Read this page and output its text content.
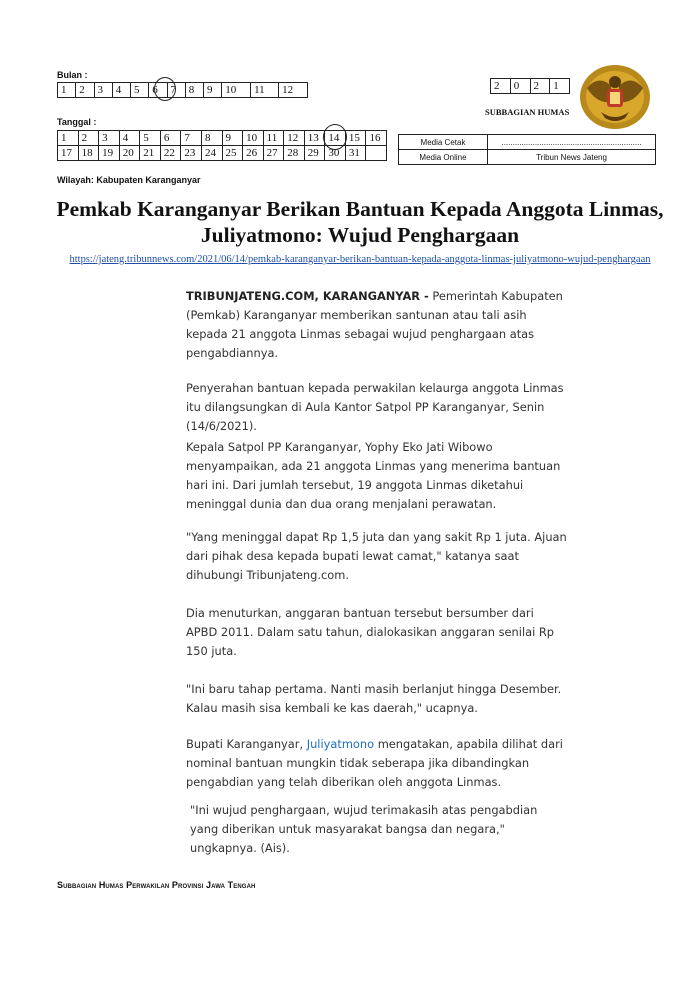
Bulan :
1	2	3	4	5	6	7	8	9	10	11	12
Tanggal :
1	2	3	4	5	6	7	8	9	10	11	12	13	14	15	16
17	18	19	20	21	22	23	24	25	26	27	28	29	30	31	
2	0	2	1
SUBBAGIAN HUMAS
Media Cetak	...............................................................
Media Online	Tribun News Jateng
Wilayah: Kabupaten Karanganyar
Pemkab Karanganyar Berikan Bantuan Kepada Anggota Linmas, Juliyatmono: Wujud Penghargaan
https://jateng.tribunnews.com/2021/06/14/pemkab-karanganyar-berikan-bantuan-kepada-anggota-linmas-juliyatmono-wujud-penghargaan
TRIBUNJATENG.COM, KARANGANYAR - Pemerintah Kabupaten (Pemkab) Karanganyar memberikan santunan atau tali asih kepada 21 anggota Linmas sebagai wujud penghargaan atas pengabdiannya.
Penyerahan bantuan kepada perwakilan kelaurga anggota Linmas itu dilangsungkan di Aula Kantor Satpol PP Karanganyar, Senin (14/6/2021).
Kepala Satpol PP Karanganyar, Yophy Eko Jati Wibowo menyampaikan, ada 21 anggota Linmas yang menerima bantuan hari ini. Dari jumlah tersebut, 19 anggota Linmas diketahui meninggal dunia dan dua orang menjalani perawatan.
"Yang meninggal dapat Rp 1,5 juta dan yang sakit Rp 1 juta. Ajuan dari pihak desa kepada bupati lewat camat," katanya saat dihubungi Tribunjateng.com.
Dia menuturkan, anggaran bantuan tersebut bersumber dari APBD 2011. Dalam satu tahun, dialokasikan anggaran senilai Rp 150 juta.
"Ini baru tahap pertama. Nanti masih berlanjut hingga Desember. Kalau masih sisa kembali ke kas daerah," ucapnya.
Bupati Karanganyar, Juliyatmono mengatakan, apabila dilihat dari nominal bantuan mungkin tidak seberapa jika dibandingkan pengabdian yang telah diberikan oleh anggota Linmas.
"Ini wujud penghargaan, wujud terimakasih atas pengabdian yang diberikan untuk masyarakat bangsa dan negara," ungkapnya. (Ais).
Subbagian Humas Perwakilan Provinsi Jawa Tengah
